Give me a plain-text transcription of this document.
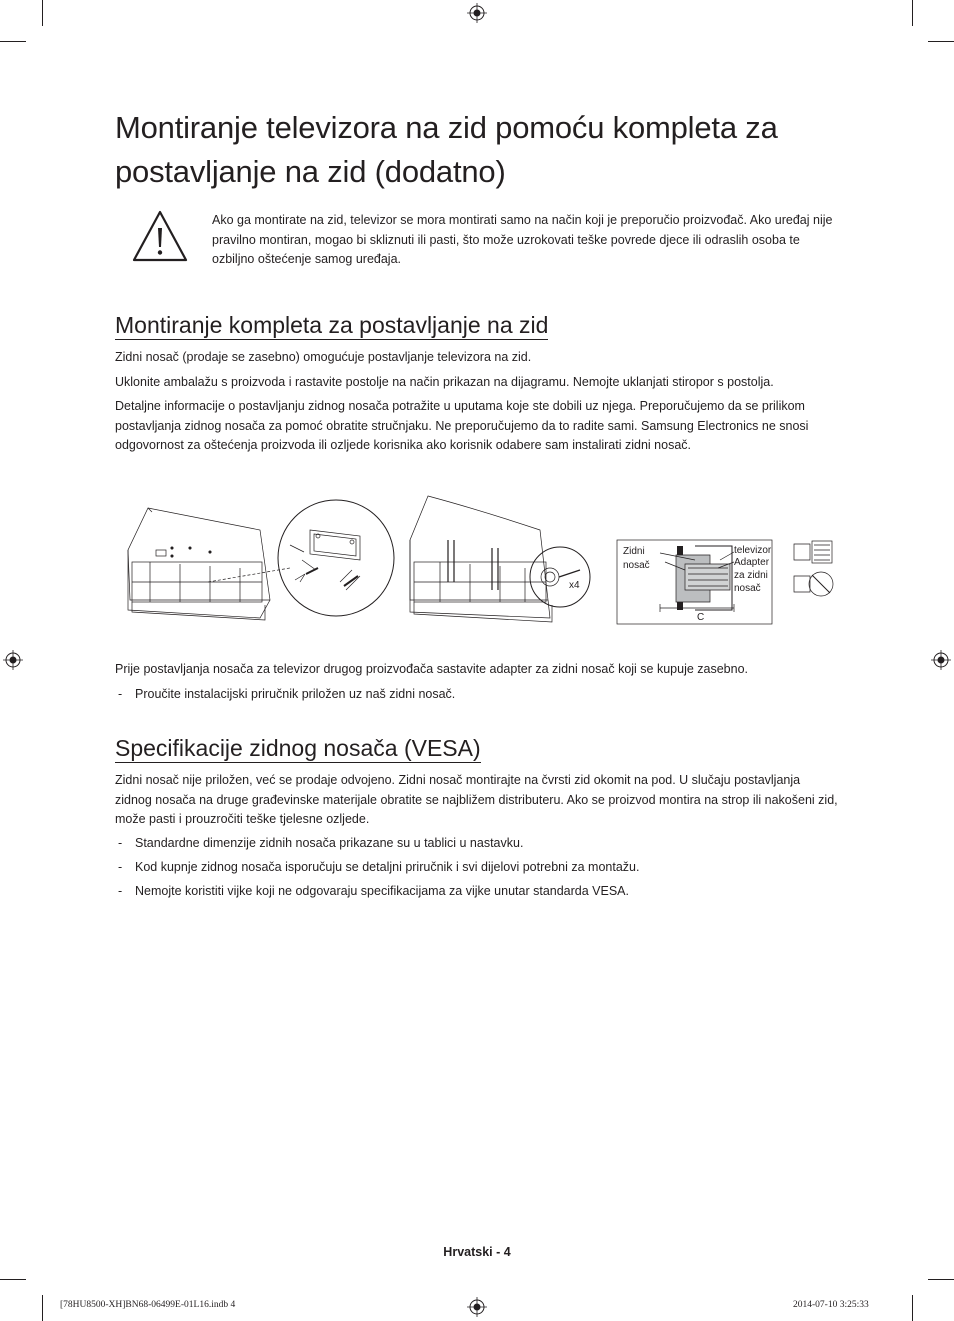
Montiranje televizora na zid pomoću kompleta za postavljanje na zid (dodatno)
Ako ga montirate na zid, televizor se mora montirati samo na način koji je preporučio proizvođač. Ako uređaj nije pravilno montiran, mogao bi skliznuti ili pasti, što može uzrokovati teške povrede djece ili odraslih osoba te ozbiljno oštećenje samog uređaja.
Montiranje kompleta za postavljanje na zid

Zidni nosač (prodaje se zasebno) omogućuje postavljanje televizora na zid.

Uklonite ambalažu s proizvoda i rastavite postolje na način prikazan na dijagramu. Nemojte uklanjati stiropor s postolja.

Detaljne informacije o postavljanju zidnog nosača potražite u uputama koje ste dobili uz njega. Preporučujemo da se prilikom postavljanja zidnog nosača za pomoć obratite stručnjaku. Ne preporučujemo da to radite sami. Samsung Electronics ne snosi odgovornost za oštećenja proizvoda ili ozljede korisnika ako korisnik odabere sam instalirati zidni nosač.

x4
Zidni
nosač
televizor
Adapter
za zidni
nosač
C

Prije postavljanja nosača za televizor drugog proizvođača sastavite adapter za zidni nosač koji se kupuje zasebno.

- Proučite instalacijski priručnik priložen uz naš zidni nosač.
Specifikacije zidnog nosača (VESA)

Zidni nosač nije priložen, već se prodaje odvojeno. Zidni nosač montirajte na čvrsti zid okomit na pod. U slučaju postavljanja zidnog nosača na druge građevinske materijale obratite se najbližem distributeru. Ako se proizvod montira na strop ili nakošeni zid, može pasti i prouzročiti teške tjelesne ozljede.

- Standardne dimenzije zidnih nosača prikazane su u tablici u nastavku.
- Kod kupnje zidnog nosača isporučuju se detaljni priručnik i svi dijelovi potrebni za montažu.
- Nemojte koristiti vijke koji ne odgovaraju specifikacijama za vijke unutar standarda VESA.
Hrvatski - 4
[78HU8500-XH]BN68-06499E-01L16.indb 4	2014-07-10 3:25:33
